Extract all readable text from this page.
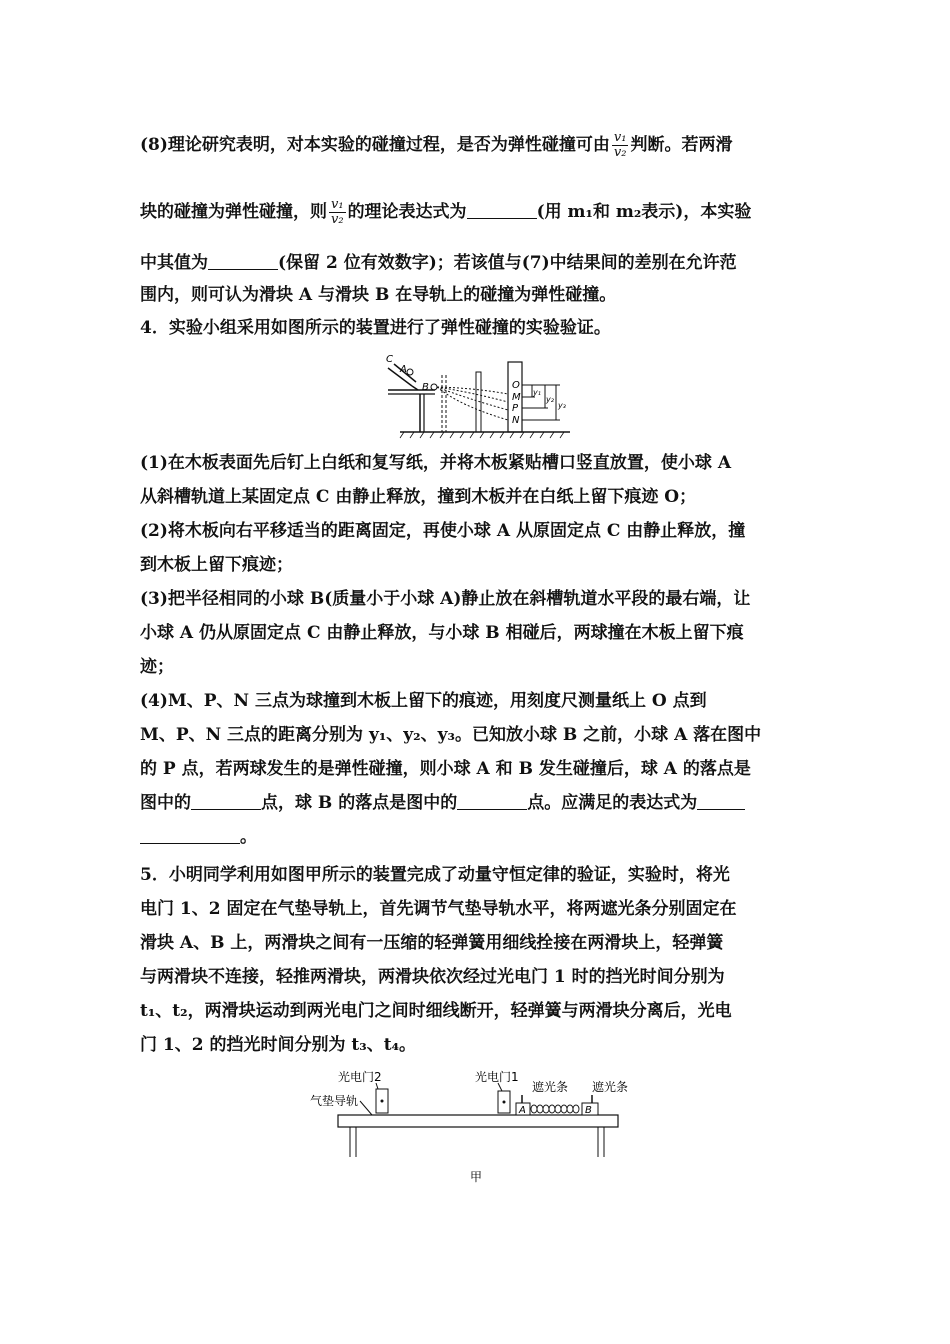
(8)理论研究表明，对本实验的碰撞过程，是否为弹性碰撞可由 $\frac{\text{v₁}}{\text{v₂}}$ 判断。若两滑

块的碰撞为弹性碰撞，则 $\frac{\text{v₁}}{\text{v₂}}$ 的理论表达式为	(用 m₁和 m₂表示)，本实验

中其值为	(保留 2 位有效数字)；若该值与(7)中结果间的差别在允许范

围内，则可认为滑块 A 与滑块 B 在导轨上的碰撞为弹性碰撞。

4．实验小组采用如图所示的装置进行了弹性碰撞的实验验证。

C
A
B	O
M
P
N
y₁
y₂
y₃

(1)在木板表面先后钉上白纸和复写纸，并将木板紧贴槽口竖直放置，使小球 A

从斜槽轨道上某固定点 C 由静止释放，撞到木板并在白纸上留下痕迹 O；

(2)将木板向右平移适当的距离固定，再使小球 A 从原固定点 C 由静止释放，撞

到木板上留下痕迹；

(3)把半径相同的小球 B(质量小于小球 A)静止放在斜槽轨道水平段的最右端，让

小球 A 仍从原固定点 C 由静止释放，与小球 B 相碰后，两球撞在木板上留下痕

迹；

(4)M、P、N 三点为球撞到木板上留下的痕迹，用刻度尺测量纸上 O 点到

M、P、N 三点的距离分别为 y₁、y₂、y₃。已知放小球 B 之前，小球 A 落在图中

的 P 点，若两球发生的是弹性碰撞，则小球 A 和 B 发生碰撞后，球 A 的落点是

图中的	点，球 B 的落点是图中的	点。应满足的表达式为

。

5．小明同学利用如图甲所示的装置完成了动量守恒定律的验证，实验时，将光

电门 1、2 固定在气垫导轨上，首先调节气垫导轨水平，将两遮光条分别固定在

滑块 A、B 上，两滑块之间有一压缩的轻弹簧用细线拴接在两滑块上，轻弹簧

与两滑块不连接，轻推两滑块，两滑块依次经过光电门 1 时的挡光时间分别为

t₁、t₂，两滑块运动到两光电门之间时细线断开，轻弹簧与两滑块分离后，光电

门 1、2 的挡光时间分别为 t₃、t₄。

光电门2	光电门1
气垫导轨
遮光条 遮光条
A	B
甲
